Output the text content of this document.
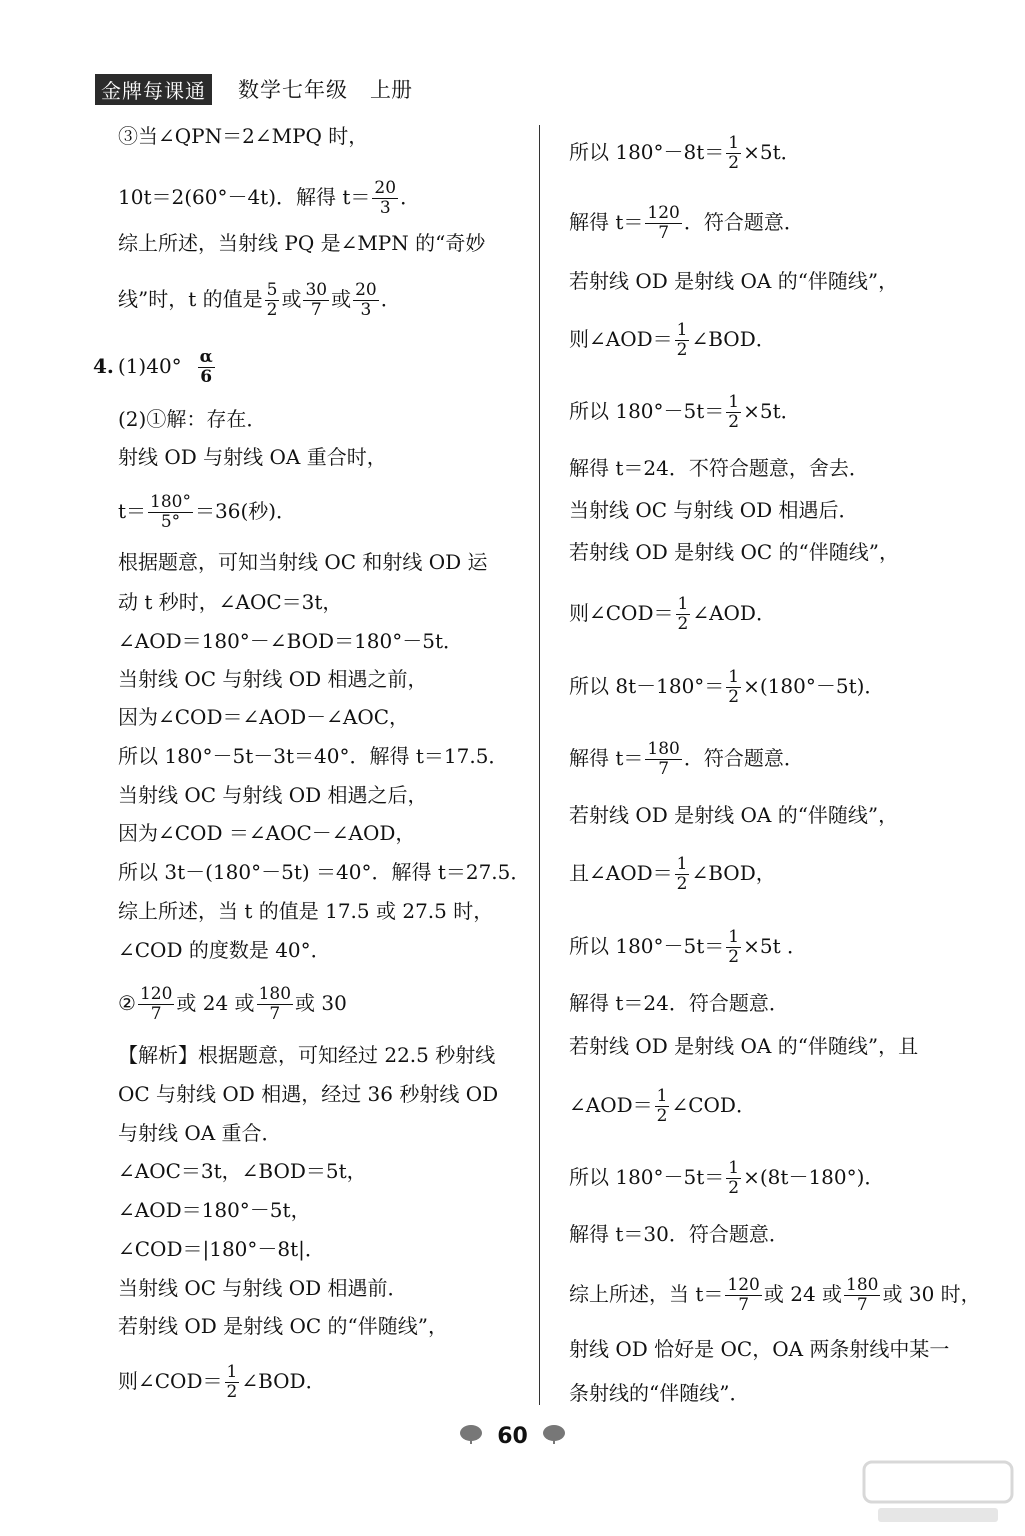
金牌每课通 数学七年级 上册
③当∠QPN＝2∠MPQ 时，
10t＝2(60°－4t)．解得 $t= \frac{20}{3}$ ．
综上所述，当射线 PQ 是∠MPN 的“奇妙
线”时，t 的值是 $\frac{5}{2}$ 或 $\frac{30}{7}$ 或 $\frac{20}{3}$ ．
4. $(1)40^\circ \frac{\alpha}{6}$
(2)①解：存在．
射线 OD 与射线 OA 重合时，
$t= \frac{180^\circ}{5^\circ} =36$(秒)．
根据题意，可知当射线 OC 和射线 OD 运
动 t 秒时，∠AOC＝3t，
∠AOD＝180°－∠BOD＝180°－5t．
当射线 OC 与射线 OD 相遇之前，
因为∠COD＝∠AOD－∠AOC，
所以 180°－5t－3t＝40°．解得 t＝17.5．
当射线 OC 与射线 OD 相遇之后，
因为∠COD ＝∠AOC－∠AOD，
所以 3t－(180°－5t) ＝40°．解得 t＝27.5．
综上所述，当 t 的值是 17.5 或 27.5 时，
∠COD 的度数是 40°．
② $\frac{120}{7}$ 或 24 或 $\frac{180}{7}$ 或 30
【解析】根据题意，可知经过 22.5 秒射线
OC 与射线 OD 相遇，经过 36 秒射线 OD
与射线 OA 重合．
∠AOC＝3t，∠BOD＝5t，
∠AOD＝180°－5t，
∠COD＝|180°－8t|．
当射线 OC 与射线 OD 相遇前．
若射线 OD 是射线 OC 的“伴随线”，
则∠COD＝ $\frac{1}{2}$ ∠BOD．
所以 $180^\circ-8t= \frac{1}{2} \times 5t$．
解得 $t= \frac{120}{7}$ ．符合题意．
若射线 OD 是射线 OA 的“伴随线”，
则∠AOD＝ $\frac{1}{2}$ ∠BOD．
所以 $180^\circ-5t= \frac{1}{2} \times 5t$．
解得 t＝24．不符合题意，舍去．
当射线 OC 与射线 OD 相遇后．
若射线 OD 是射线 OC 的“伴随线”，
则∠COD＝ $\frac{1}{2}$ ∠AOD．
所以 $8t-180^\circ= \frac{1}{2} \times(180^\circ-5t)$．
解得 $t= \frac{180}{7}$ ．符合题意．
若射线 OD 是射线 OA 的“伴随线”，
且∠AOD＝ $\frac{1}{2}$ ∠BOD，
所以 $180^\circ-5t= \frac{1}{2} \times 5t$ ．
解得 t＝24．符合题意．
若射线 OD 是射线 OA 的“伴随线”，且
∠AOD＝ $\frac{1}{2}$ ∠COD．
所以 $180^\circ-5t= \frac{1}{2} \times(8t-180^\circ)$．
解得 t＝30．符合题意．
综上所述，当 $t= \frac{120}{7}$ 或 24 或 $\frac{180}{7}$ 或 30 时，
射线 OD 恰好是 OC，OA 两条射线中某一
条射线的“伴随线”．
60
